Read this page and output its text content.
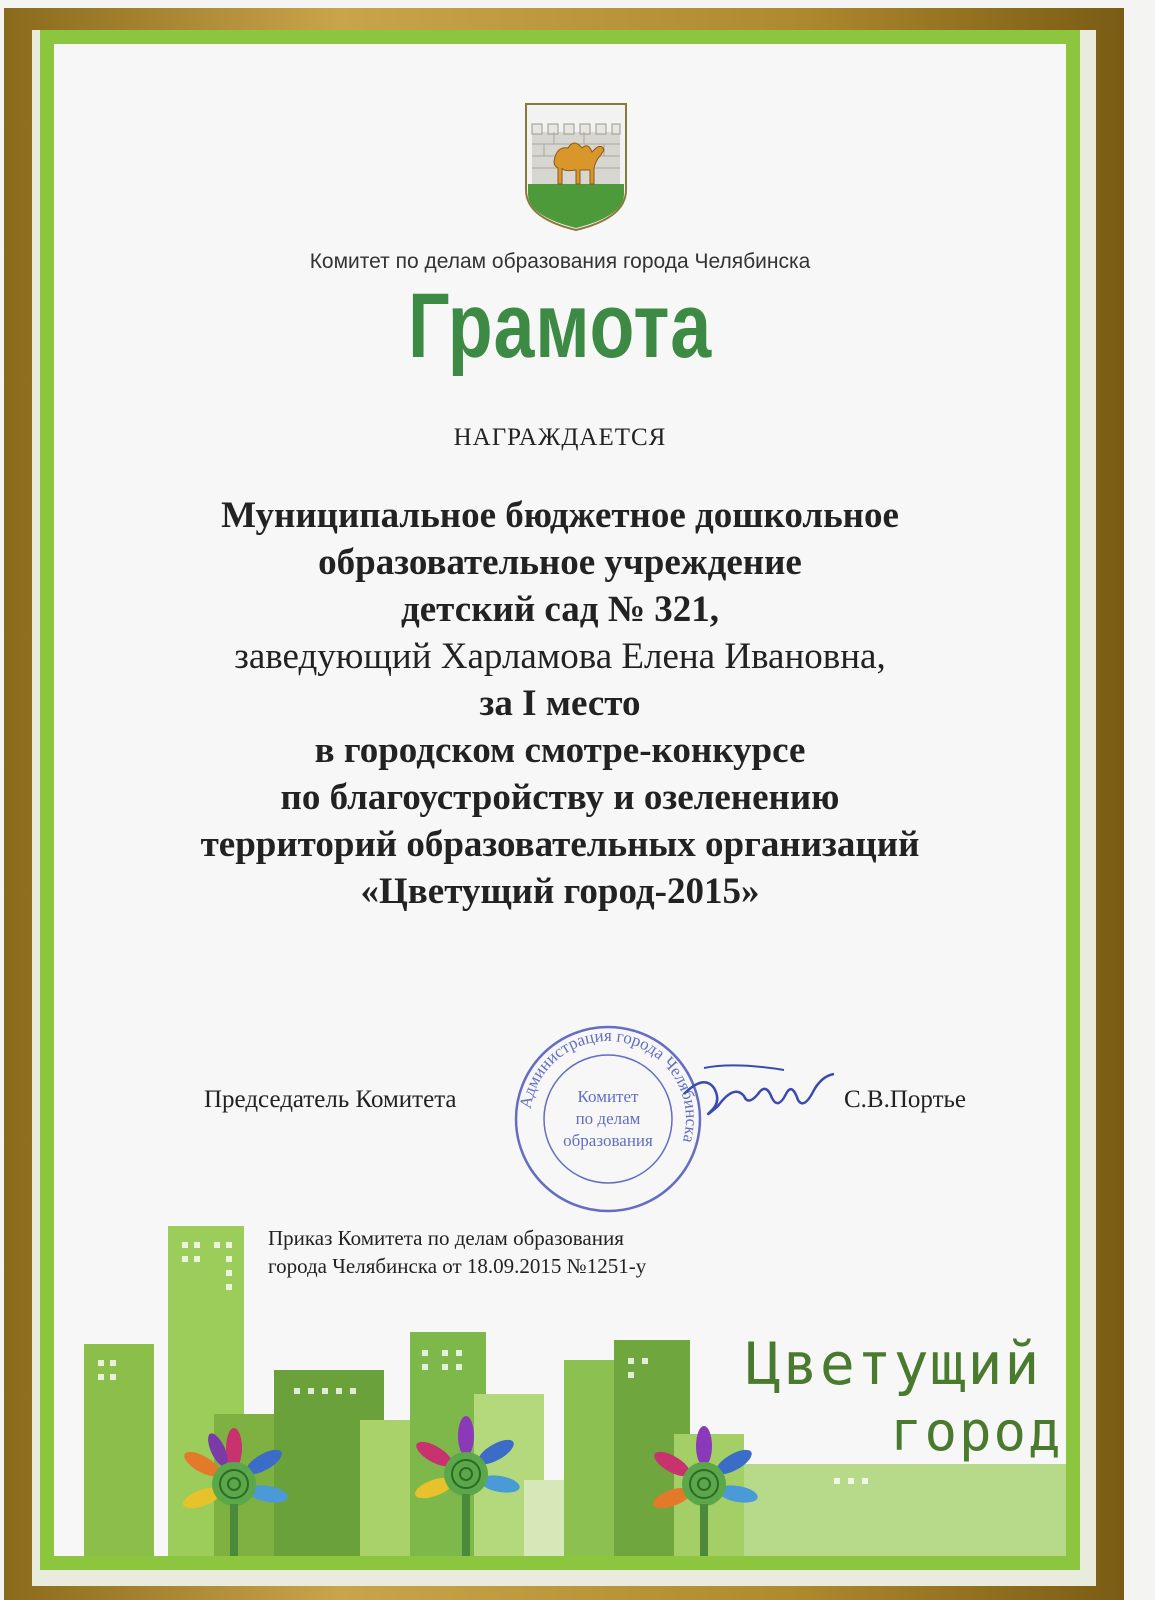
Комитет по делам образования города Челябинска
Грамота
НАГРАЖДАЕТСЯ
Муниципальное бюджетное дошкольное
образовательное учреждение
детский сад № 321,
заведующий Харламова Елена Ивановна,
за I место
в городском смотре-конкурсе
по благоустройству и озеленению
территорий образовательных организаций
«Цветущий город-2015»
Цветущий
город
Председатель Комитета	С.В.Портье
Администрация города Челябинска
Комитет
по делам
образования
Приказ Комитета по делам образования
города Челябинска от 18.09.2015 №1251-у
